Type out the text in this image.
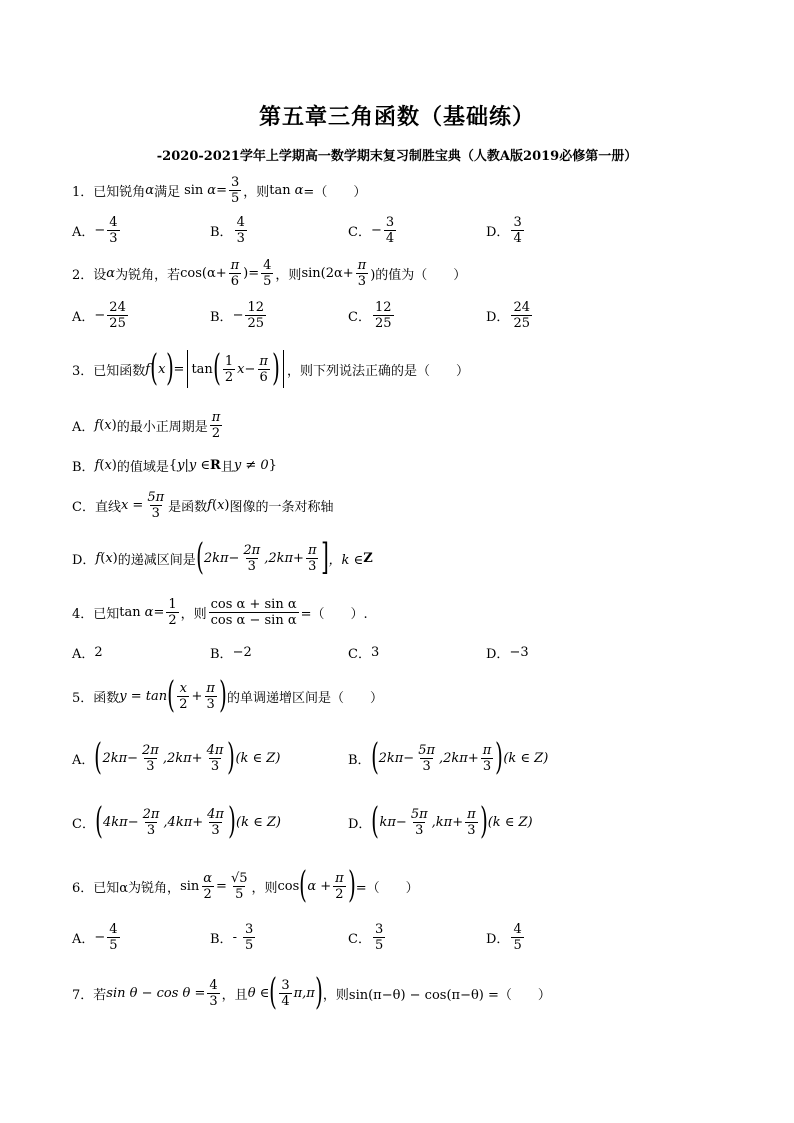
第五章三角函数（基础练）
-2020-2021学年上学期高一数学期末复习制胜宝典（人教A版2019必修第一册）
1． 已知锐角 α 满足 $\sin \alpha = \frac{3}{5}$ ，则 tan α =（　　）
A． − $\frac{4}{3}$	B． $\frac{4}{3}$	C． − $\frac{3}{4}$	D． $\frac{3}{4}$
2． 设 α 为锐角，若 $\cos(\alpha+ \frac{\pi}{6}$ )= $\frac{4}{5}$ ，则 $\sin(2\alpha+ \frac{\pi}{3}$ )的值为（　　）
A． − $\frac{24}{25}$	B． − $\frac{12}{25}$	C． $\frac{12}{25}$	D． $\frac{24}{25}$
3． 已知函数 f ( x ) = tan ( $\frac{1}{2} x- \frac{\pi}{6}$ ) ，则下列说法正确的是（　　）
A． f ( x ) 的最小正周期是 $\frac{\pi}{2}$
B． f ( x ) 的值域是 { y | y ∈ R 且 y ≠ 0 }
C． 直线 $x = \frac{5\pi}{3}$ 是函数 f ( x ) 图像的一条对称轴
D． f ( x ) 的递减区间是 ( $2k\pi- \frac{2\pi}{3} ,2k\pi+ \frac{\pi}{3}$ ] ，k ∈ Z
4． 已知 $\tan \alpha = \frac{1}{2}$ ，则 $\frac{\text{cos α + sin α}}{\text{cos α − sin α}}$ =（　　）.
A． 2	B． −2	C． 3	D． −3
5． 函数 y = tan ( $\frac{x}{2} + \frac{\pi}{3}$ ) 的单调递增区间是（　　）
A． ( $2k\pi- \frac{2\pi}{3} ,2k\pi+ \frac{4\pi}{3}$ ) (k ∈ Z)	B． ( $2k\pi- \frac{5\pi}{3} ,2k\pi+ \frac{\pi}{3}$ ) (k ∈ Z)
C． ( $4k\pi- \frac{2\pi}{3} ,4k\pi+ \frac{4\pi}{3}$ ) (k ∈ Z)	D． ( $k\pi- \frac{5\pi}{3} ,k\pi+ \frac{\pi}{3}$ ) (k ∈ Z)
6． 已知α为锐角， $\sin \frac{\alpha}{2} = \frac{√5}{5}$ ，则 cos ( $\alpha + \frac{\pi}{2}$ ) =（　　）
A． − $\frac{4}{5}$	B． - $\frac{3}{5}$	C． $\frac{3}{5}$	D． $\frac{4}{5}$
7． 若 $\sin \theta - \cos \theta = \frac{4}{3}$ ，且 θ ∈ ( $\frac{3}{4} \pi,\pi$ ) ，则 sin(π−θ) − cos(π−θ) =（　　）
